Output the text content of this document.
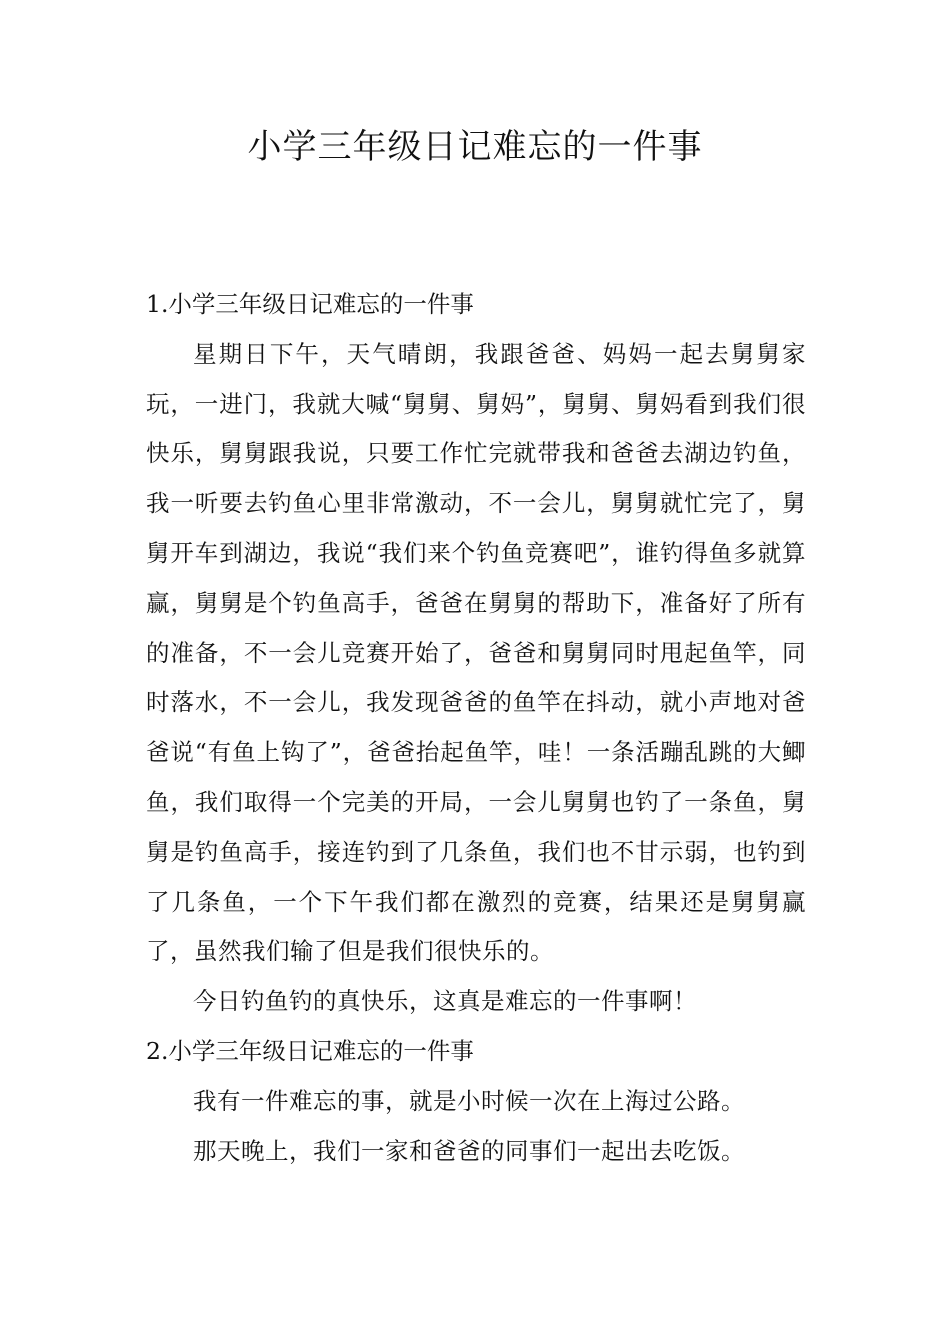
小学三年级日记难忘的一件事
1.小学三年级日记难忘的一件事

星期日下午，天气晴朗，我跟爸爸、妈妈一起去舅舅家玩，一进门，我就大喊“舅舅、舅妈”，舅舅、舅妈看到我们很快乐，舅舅跟我说，只要工作忙完就带我和爸爸去湖边钓鱼，我一听要去钓鱼心里非常激动，不一会儿，舅舅就忙完了，舅舅开车到湖边，我说“我们来个钓鱼竞赛吧”，谁钓得鱼多就算赢，舅舅是个钓鱼高手，爸爸在舅舅的帮助下，准备好了所有的准备，不一会儿竞赛开始了，爸爸和舅舅同时甩起鱼竿，同时落水，不一会儿，我发现爸爸的鱼竿在抖动，就小声地对爸爸说“有鱼上钩了”，爸爸抬起鱼竿，哇！一条活蹦乱跳的大鲫鱼，我们取得一个完美的开局，一会儿舅舅也钓了一条鱼，舅舅是钓鱼高手，接连钓到了几条鱼，我们也不甘示弱，也钓到了几条鱼，一个下午我们都在激烈的竞赛，结果还是舅舅赢了，虽然我们输了但是我们很快乐的。

今日钓鱼钓的真快乐，这真是难忘的一件事啊！

2.小学三年级日记难忘的一件事

我有一件难忘的事，就是小时候一次在上海过公路。

那天晚上，我们一家和爸爸的同事们一起出去吃饭。
